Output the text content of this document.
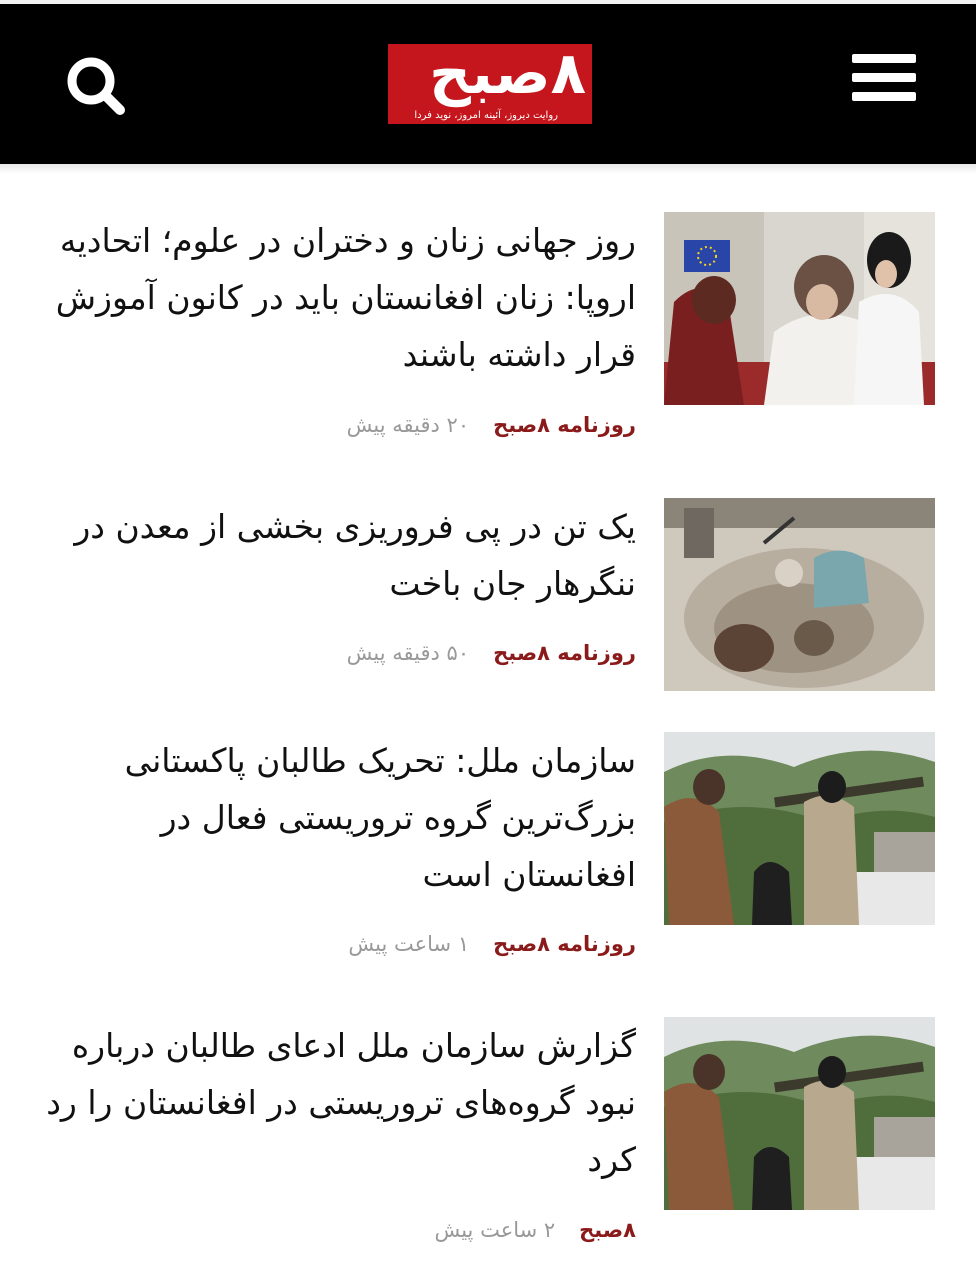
۸صبح
روایت دیروز، آئینه امروز، نوید فردا
روز جهانی زنان و دختران در علوم؛ اتحادیه اروپا: زنان افغانستان باید در کانون آموزش قرار داشته باشند
روزنامه ۸صبح۲۰ دقیقه پیش
یک تن در پی فروریزی بخشی از معدن در ننگرهار جان باخت
روزنامه ۸صبح۵۰ دقیقه پیش
سازمان ملل: تحریک طالبان پاکستانی بزرگ‌ترین گروه تروریستی فعال در افغانستان است
روزنامه ۸صبح۱ ساعت پیش
گزارش سازمان ملل ادعای طالبان درباره نبود گروه‌های تروریستی در افغانستان را رد کرد
۸صبح۲ ساعت پیش
